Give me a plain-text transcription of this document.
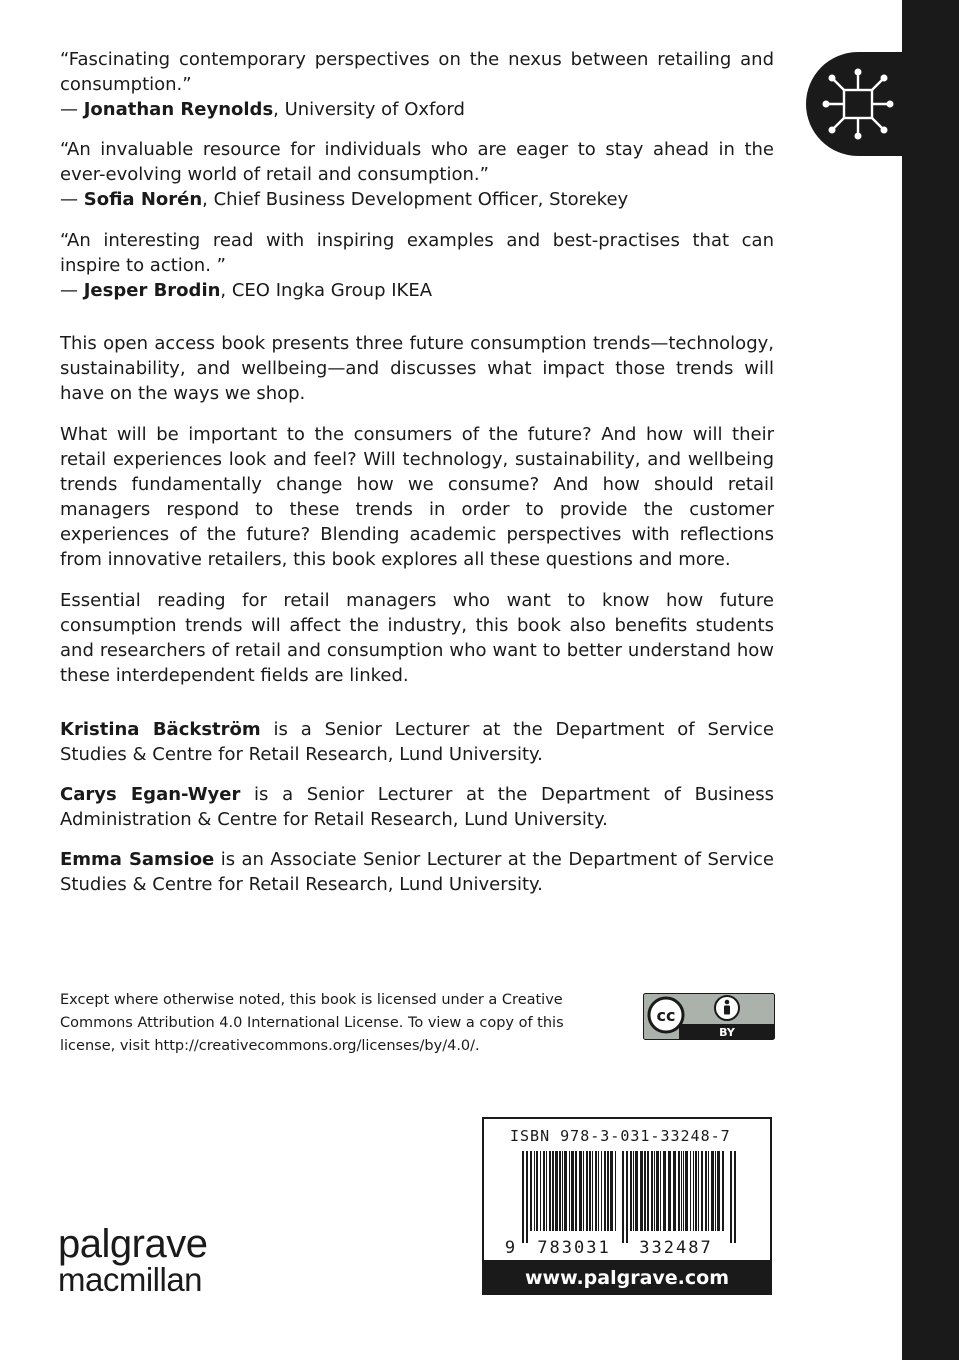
“Fascinating contemporary perspectives on the nexus between retailing and consumption.”

— Jonathan Reynolds, University of Oxford

“An invaluable resource for individuals who are eager to stay ahead in the ever-evolving world of retail and consumption.”

— Sofia Norén, Chief Business Development Officer, Storekey

“An interesting read with inspiring examples and best-practises that can inspire to action. ”

— Jesper Brodin, CEO Ingka Group IKEA

This open access book presents three future consumption trends—technology, sustainability, and wellbeing—and discusses what impact those trends will have on the ways we shop.

What will be important to the consumers of the future? And how will their retail experiences look and feel? Will technology, sustainability, and wellbeing trends fundamentally change how we consume? And how should retail managers respond to these trends in order to provide the customer experiences of the future? Blending academic perspectives with reflections from innovative retailers, this book explores all these questions and more.

Essential reading for retail managers who want to know how future consumption trends will affect the industry, this book also benefits students and researchers of retail and consumption who want to better understand how these interdependent fields are linked.

Kristina Bäckström is a Senior Lecturer at the Department of Service Studies & Centre for Retail Research, Lund University.

Carys Egan-Wyer is a Senior Lecturer at the Department of Business Administration & Centre for Retail Research, Lund University.

Emma Samsioe is an Associate Senior Lecturer at the Department of Service Studies & Centre for Retail Research, Lund University.

Except where otherwise noted, this book is licensed under a Creative Commons Attribution 4.0 International License. To view a copy of this license, visit http://creativecommons.org/licenses/by/4.0/.
cc
BY
ISBN 978-3-031-33248-7
9 783031 332487
www.palgrave.com
palgrave
macmillan
